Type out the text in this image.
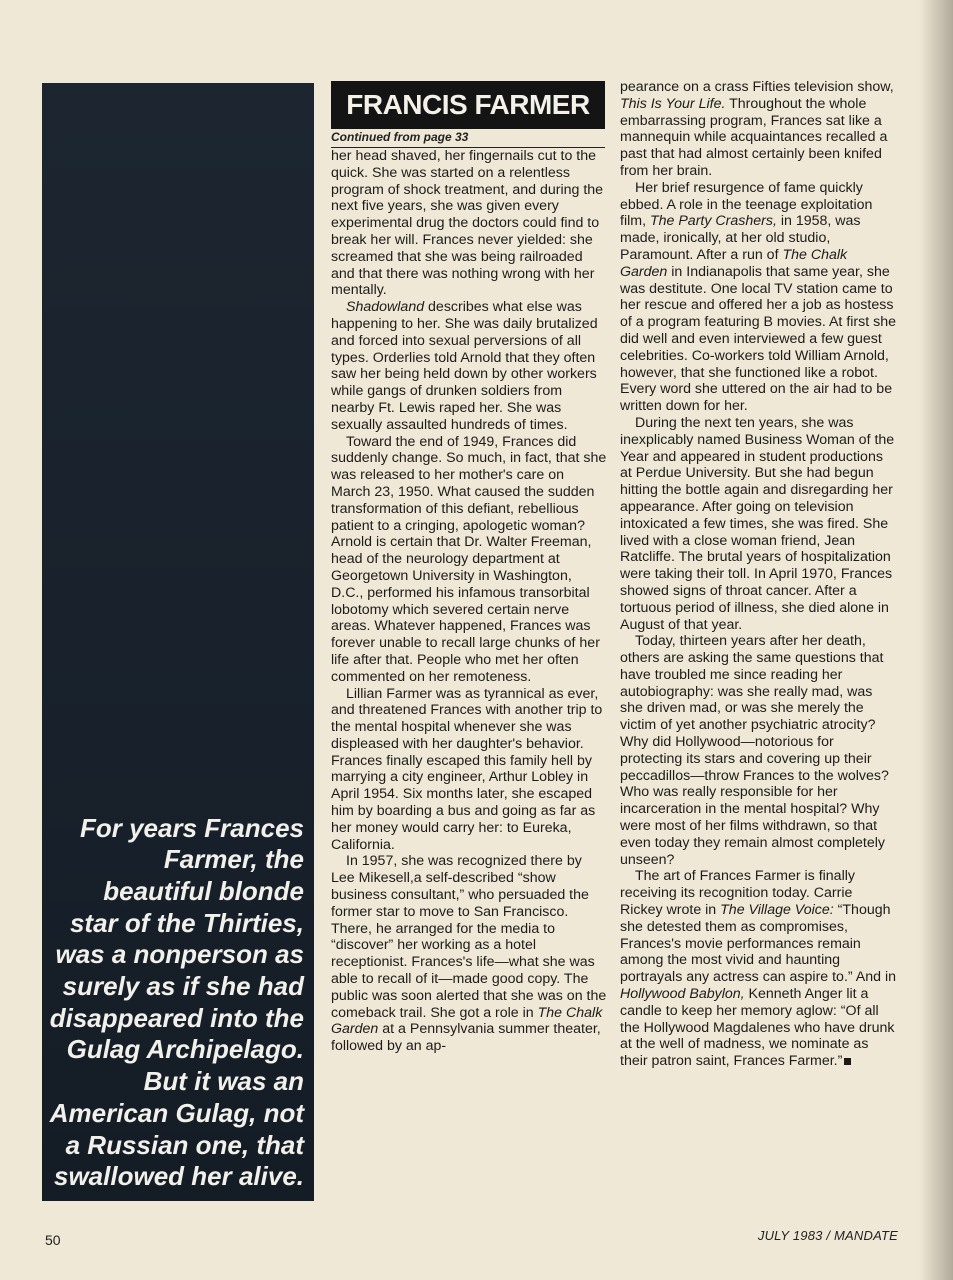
For years Frances Farmer, the beautiful blonde star of the Thirties, was a nonperson as surely as if she had disappeared into the Gulag Archipelago. But it was an American Gulag, not a Russian one, that swallowed her alive.

FRANCIS FARMER
Continued from page 33

her head shaved, her fingernails cut to the quick. She was started on a relentless program of shock treatment, and during the next five years, she was given every experimental drug the doctors could find to break her will. Frances never yielded: she screamed that she was being railroaded and that there was nothing wrong with her mentally.

Shadowland describes what else was happening to her. She was daily brutalized and forced into sexual perversions of all types. Orderlies told Arnold that they often saw her being held down by other workers while gangs of drunken soldiers from nearby Ft. Lewis raped her. She was sexually assaulted hundreds of times.

Toward the end of 1949, Frances did suddenly change. So much, in fact, that she was released to her mother's care on March 23, 1950. What caused the sudden transformation of this defiant, rebellious patient to a cringing, apologetic woman? Arnold is certain that Dr. Walter Freeman, head of the neurology department at Georgetown University in Washington, D.C., performed his infamous transorbital lobotomy which severed certain nerve areas. Whatever happened, Frances was forever unable to recall large chunks of her life after that. People who met her often commented on her remoteness.

Lillian Farmer was as tyrannical as ever, and threatened Frances with another trip to the mental hospital whenever she was displeased with her daughter's behavior. Frances finally escaped this family hell by marrying a city engineer, Arthur Lobley in April 1954. Six months later, she escaped him by boarding a bus and going as far as her money would carry her: to Eureka, California.

In 1957, she was recognized there by Lee Mikesell,a self-described “show business consultant,” who persuaded the former star to move to San Francisco. There, he arranged for the media to “discover” her working as a hotel receptionist. Frances's life—what she was able to recall of it—made good copy. The public was soon alerted that she was on the comeback trail. She got a role in The Chalk Garden at a Pennsylvania summer theater, followed by an ap-

pearance on a crass Fifties television show, This Is Your Life. Throughout the whole embarrassing program, Frances sat like a mannequin while acquaintances recalled a past that had almost certainly been knifed from her brain.

Her brief resurgence of fame quickly ebbed. A role in the teenage exploitation film, The Party Crashers, in 1958, was made, ironically, at her old studio, Paramount. After a run of The Chalk Garden in Indianapolis that same year, she was destitute. One local TV station came to her rescue and offered her a job as hostess of a program featuring B movies. At first she did well and even interviewed a few guest celebrities. Co-workers told William Arnold, however, that she functioned like a robot. Every word she uttered on the air had to be written down for her.

During the next ten years, she was inexplicably named Business Woman of the Year and appeared in student productions at Perdue University. But she had begun hitting the bottle again and disregarding her appearance. After going on television intoxicated a few times, she was fired. She lived with a close woman friend, Jean Ratcliffe. The brutal years of hospitalization were taking their toll. In April 1970, Frances showed signs of throat cancer. After a tortuous period of illness, she died alone in August of that year.

Today, thirteen years after her death, others are asking the same questions that have troubled me since reading her autobiography: was she really mad, was she driven mad, or was she merely the victim of yet another psychiatric atrocity? Why did Hollywood—notorious for protecting its stars and covering up their peccadillos—throw Frances to the wolves? Who was really responsible for her incarceration in the mental hospital? Why were most of her films withdrawn, so that even today they remain almost completely unseen?

The art of Frances Farmer is finally receiving its recognition today. Carrie Rickey wrote in The Village Voice: “Though she detested them as compromises, Frances's movie performances remain among the most vivid and haunting portrayals any actress can aspire to.” And in Hollywood Babylon, Kenneth Anger lit a candle to keep her memory aglow: “Of all the Hollywood Magdalenes who have drunk at the well of madness, we nominate as their patron saint, Frances Farmer.”

50	JULY 1983 / MANDATE
